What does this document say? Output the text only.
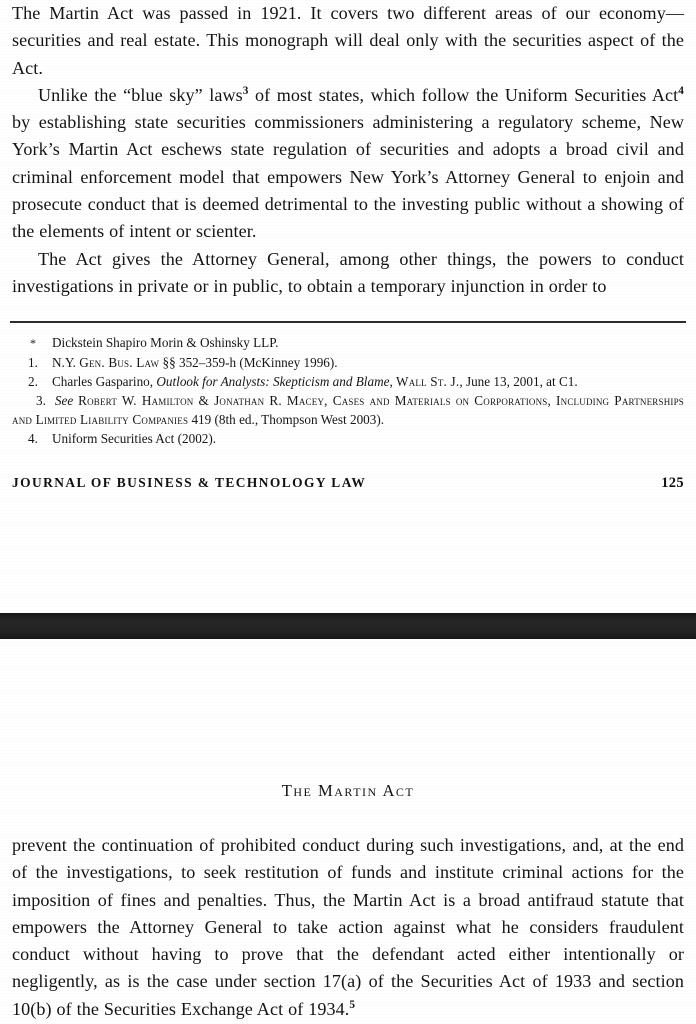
The Martin Act was passed in 1921. It covers two different areas of our economy—securities and real estate. This monograph will deal only with the securities aspect of the Act.

Unlike the “blue sky” laws$^3$ of most states, which follow the Uniform Securities Act$^4$ by establishing state securities commissioners administering a regulatory scheme, New York’s Martin Act eschews state regulation of securities and adopts a broad civil and criminal enforcement model that empowers New York’s Attorney General to enjoin and prosecute conduct that is deemed detrimental to the investing public without a showing of the elements of intent or scienter.

The Act gives the Attorney General, among other things, the powers to conduct investigations in private or in public, to obtain a temporary injunction in order to

*	Dickstein Shapiro Morin & Oshinsky LLP.

1.	N.Y. Gen. Bus. Law §§ 352–359-h (McKinney 1996).

2.	Charles Gasparino, Outlook for Analysts: Skepticism and Blame, Wall St. J., June 13, 2001, at C1.

3. See Robert W. Hamilton & Jonathan R. Macey, Cases and Materials on Corporations, Including Partnerships and Limited Liability Companies 419 (8th ed., Thompson West 2003).

4.	Uniform Securities Act (2002).

JOURNAL OF BUSINESS & TECHNOLOGY LAW	125
The Martin Act

prevent the continuation of prohibited conduct during such investigations, and, at the end of the investigations, to seek restitution of funds and institute criminal actions for the imposition of fines and penalties. Thus, the Martin Act is a broad antifraud statute that empowers the Attorney General to take action against what he considers fraudulent conduct without having to prove that the defendant acted either intentionally or negligently, as is the case under section 17(a) of the Securities Act of 1933 and section 10(b) of the Securities Exchange Act of 1934.$^5$
